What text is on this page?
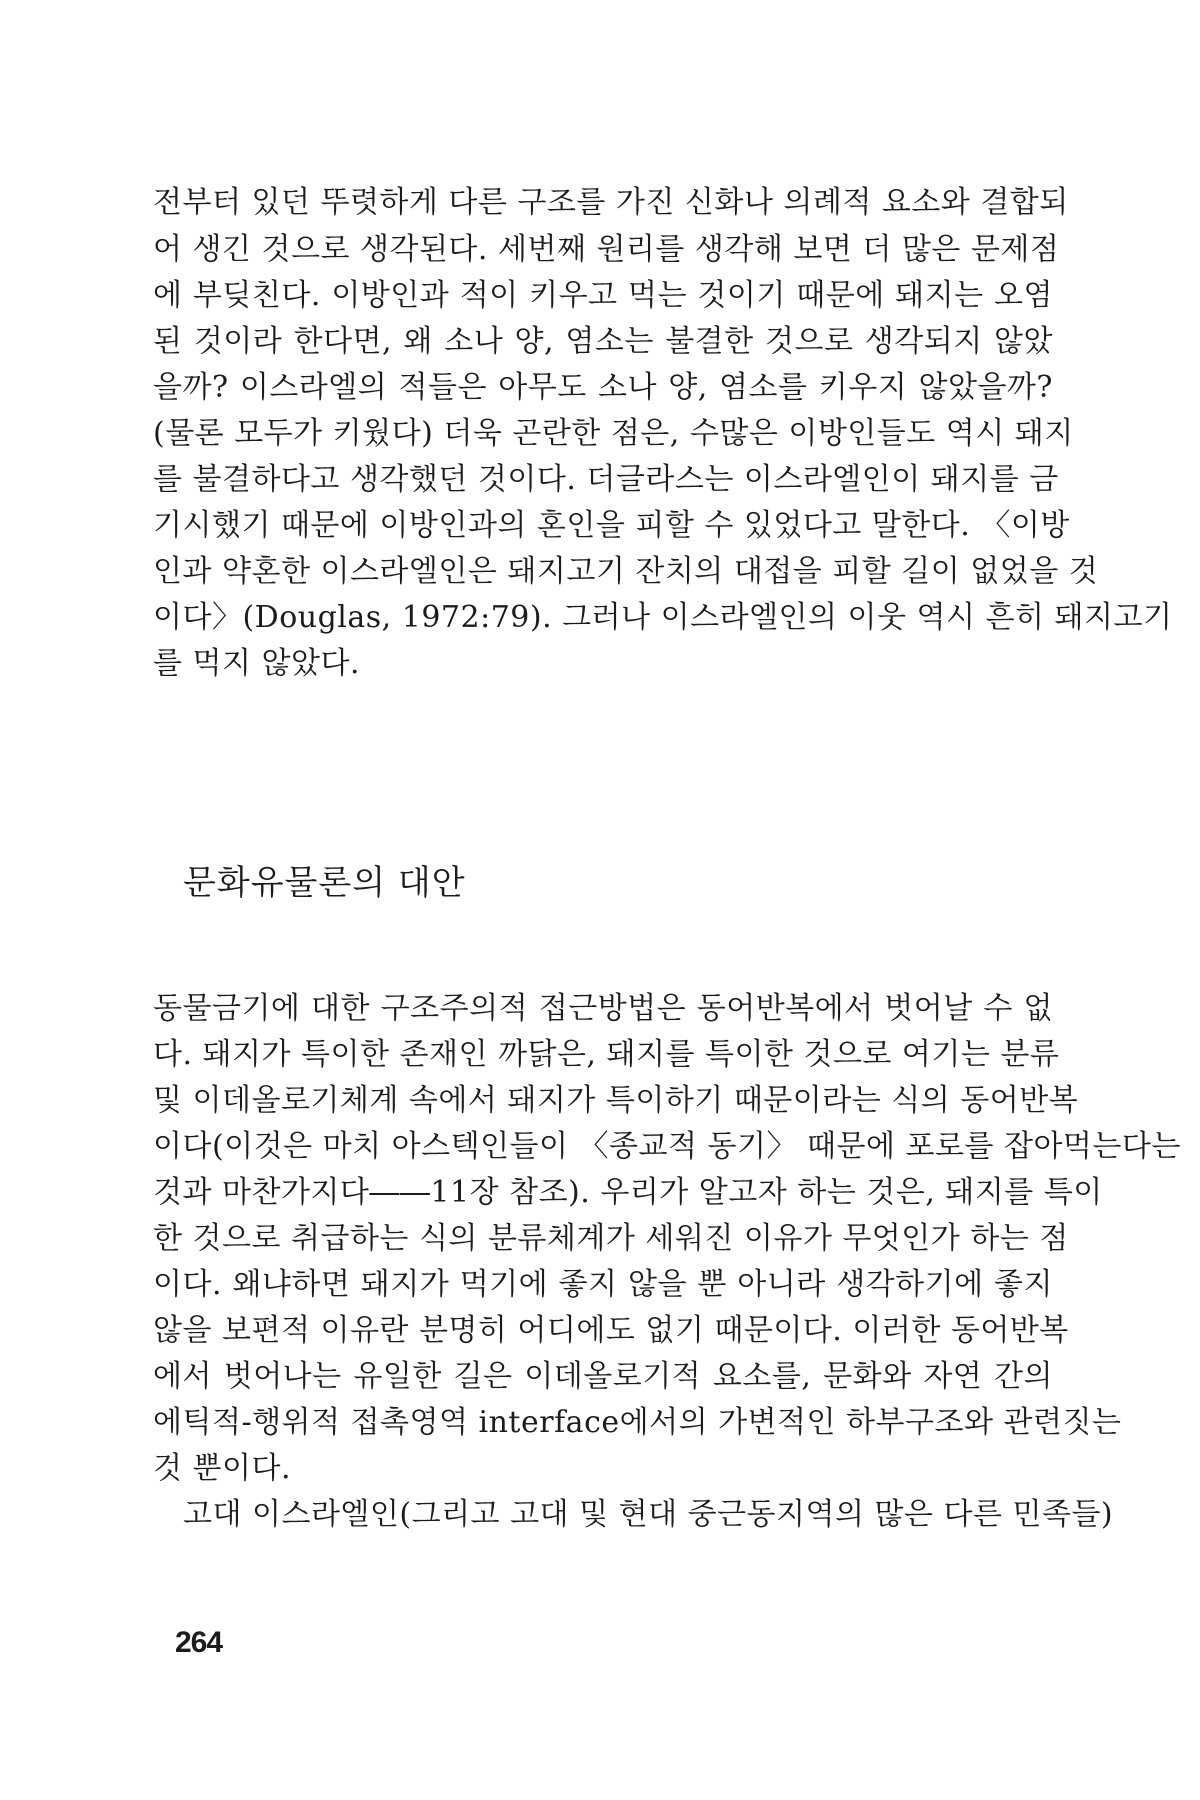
전부터 있던 뚜렷하게 다른 구조를 가진 신화나 의례적 요소와 결합되
어 생긴 것으로 생각된다. 세번째 원리를 생각해 보면 더 많은 문제점
에 부딪친다. 이방인과 적이 키우고 먹는 것이기 때문에 돼지는 오염
된 것이라 한다면, 왜 소나 양, 염소는 불결한 것으로 생각되지 않았
을까? 이스라엘의 적들은 아무도 소나 양, 염소를 키우지 않았을까?
(물론 모두가 키웠다) 더욱 곤란한 점은, 수많은 이방인들도 역시 돼지
를 불결하다고 생각했던 것이다. 더글라스는 이스라엘인이 돼지를 금
기시했기 때문에 이방인과의 혼인을 피할 수 있었다고 말한다. 〈이방
인과 약혼한 이스라엘인은 돼지고기 잔치의 대접을 피할 길이 없었을 것
이다〉(Douglas, 1972:79). 그러나 이스라엘인의 이웃 역시 흔히 돼지고기
를 먹지 않았다.
문화유물론의 대안
동물금기에 대한 구조주의적 접근방법은 동어반복에서 벗어날 수 없
다. 돼지가 특이한 존재인 까닭은, 돼지를 특이한 것으로 여기는 분류
및 이데올로기체계 속에서 돼지가 특이하기 때문이라는 식의 동어반복
이다(이것은 마치 아스텍인들이 〈종교적 동기〉 때문에 포로를 잡아먹는다는
것과 마찬가지다――11장 참조). 우리가 알고자 하는 것은, 돼지를 특이
한 것으로 취급하는 식의 분류체계가 세워진 이유가 무엇인가 하는 점
이다. 왜냐하면 돼지가 먹기에 좋지 않을 뿐 아니라 생각하기에 좋지
않을 보편적 이유란 분명히 어디에도 없기 때문이다. 이러한 동어반복
에서 벗어나는 유일한 길은 이데올로기적 요소를, 문화와 자연 간의
에틱적-행위적 접촉영역 interface에서의 가변적인 하부구조와 관련짓는
것 뿐이다.
고대 이스라엘인(그리고 고대 및 현대 중근동지역의 많은 다른 민족들)
264
